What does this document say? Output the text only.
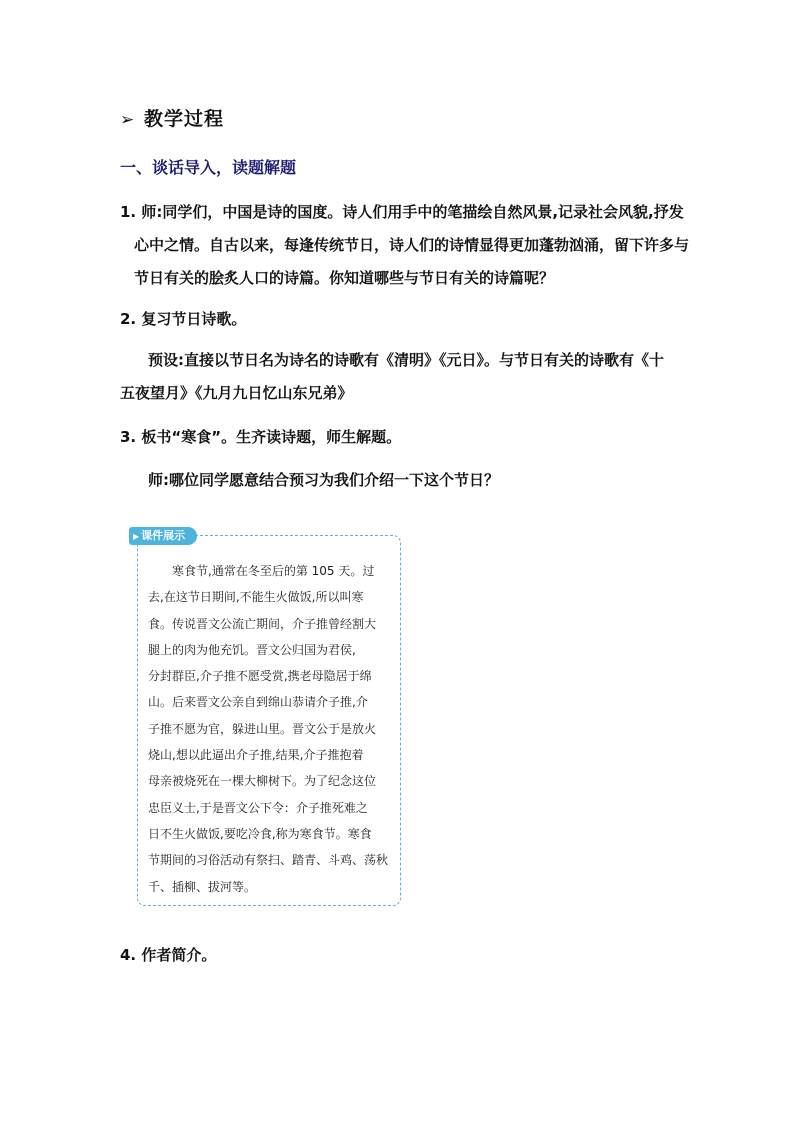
➢ 教学过程
一、谈话导入，读题解题
1. 师:同学们，中国是诗的国度。诗人们用手中的笔描绘自然风景,记录社会风貌,抒发
心中之情。自古以来，每逢传统节日，诗人们的诗情显得更加蓬勃汹涌，留下许多与
节日有关的脍炙人口的诗篇。你知道哪些与节日有关的诗篇呢？
2. 复习节日诗歌。
预设:直接以节日名为诗名的诗歌有《清明》《元日》。与节日有关的诗歌有《十
五夜望月》《九月九日忆山东兄弟》
3. 板书“寒食”。生齐读诗题，师生解题。
师:哪位同学愿意结合预习为我们介绍一下这个节日？
▶ 课件展示
寒食节,通常在冬至后的第 105 天。过
去,在这节日期间,不能生火做饭,所以叫寒
食。传说晋文公流亡期间，介子推曾经割大
腿上的肉为他充饥。晋文公归国为君侯,
分封群臣,介子推不愿受赏,携老母隐居于绵
山。后来晋文公亲自到绵山恭请介子推,介
子推不愿为官，躲进山里。晋文公于是放火
烧山,想以此逼出介子推,结果,介子推抱着
母亲被烧死在一棵大柳树下。为了纪念这位
忠臣义士,于是晋文公下令：介子推死难之
日不生火做饭,要吃冷食,称为寒食节。寒食
节期间的习俗活动有祭扫、踏青、斗鸡、荡秋
千、插柳、拔河等。
4. 作者简介。
